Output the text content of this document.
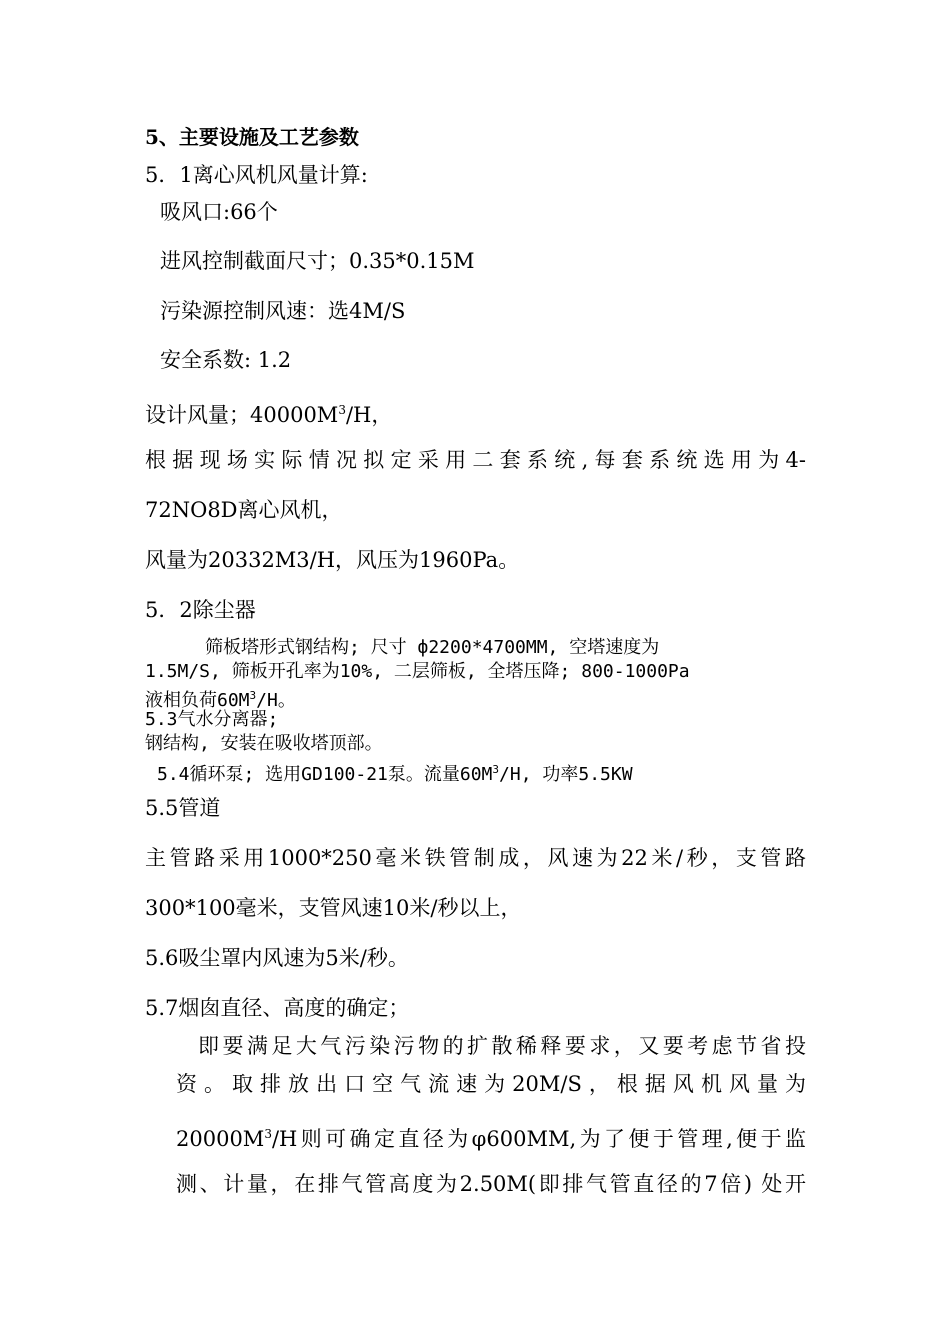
5、主要设施及工艺参数
5．1离心风机风量计算:
吸风口:66个
进风控制截面尺寸；0.35*0.15M
污染源控制风速：选4M/S
安全系数: 1.2
设计风量；$40000M^3/H$，
根据现场实际情况拟定采用二套系统,每套系统选用为4-
72NO8D离心风机，
风量为20332M3/H，风压为1960Pa。
5．2除尘器
筛板塔形式钢结构; 尺寸 ф2200*4700MM, 空塔速度为
1.5M/S, 筛板开孔率为10%, 二层筛板, 全塔压降; 800-1000Pa
液相负荷$60M^3/H$。
5.3气水分离器;
钢结构, 安装在吸收塔顶部。
5.4循环泵; 选用GD100-21泵。流量$60M^3/H$, 功率5.5KW
5.5管道
主管路采用1000*250毫米铁管制成，风速为22米/秒，支管路
300*100毫米，支管风速10米/秒以上，
5.6吸尘罩内风速为5米/秒。
5.7烟囱直径、高度的确定；
即要满足大气污染污物的扩散稀释要求，又要考虑节省投
资。取排放出口空气流速为20M/S，根据风机风量为
$20000M^3/H$则可确定直径为φ600MM,为了便于管理,便于监
测、计量，在排气管高度为2.50M(即排气管直径的7倍) 处开
